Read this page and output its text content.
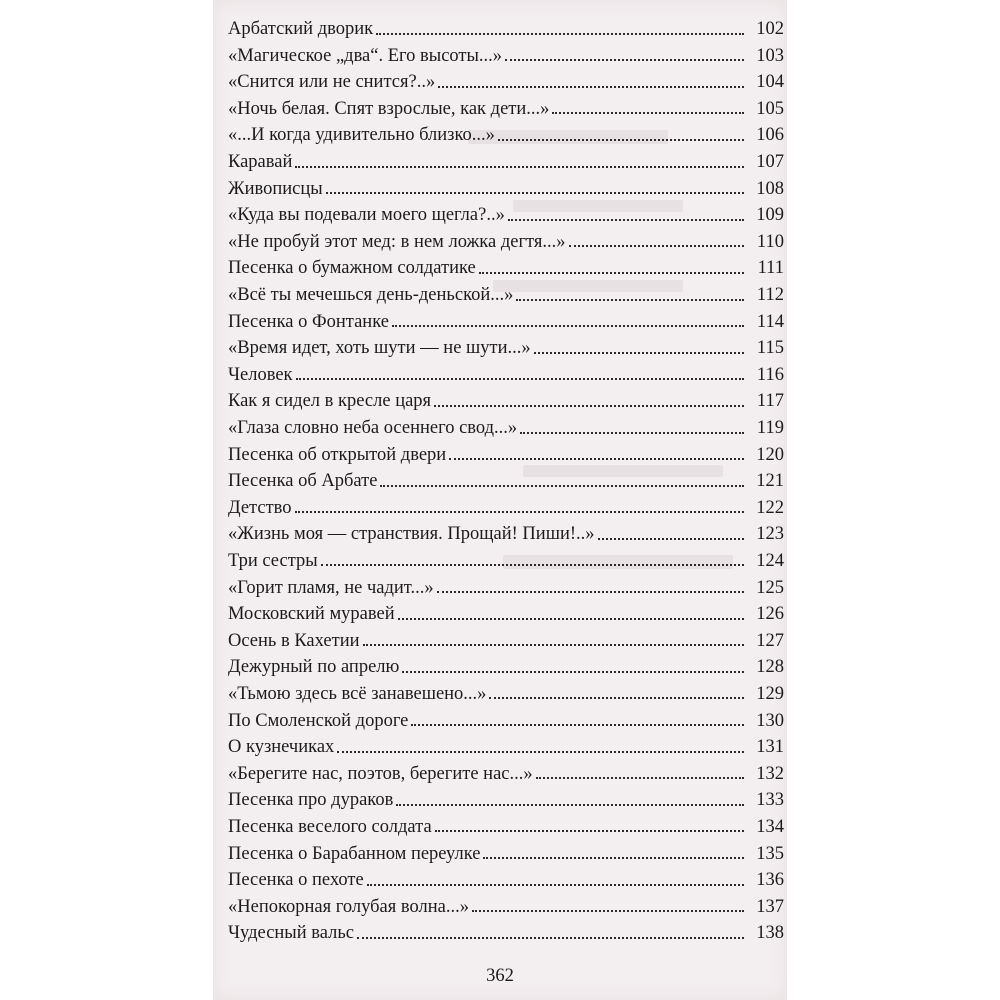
Арбатский дворик	102
«Магическое „два“. Его высоты...»	103
«Снится или не снится?..»	104
«Ночь белая. Спят взрослые, как дети...»	105
«...И когда удивительно близко...»	106
Каравай	107
Живописцы	108
«Куда вы подевали моего щегла?..»	109
«Не пробуй этот мед: в нем ложка дегтя...»	110
Песенка о бумажном солдатике	111
«Всё ты мечешься день-деньской...»	112
Песенка о Фонтанке	114
«Время идет, хоть шути — не шути...»	115
Человек	116
Как я сидел в кресле царя	117
«Глаза словно неба осеннего свод...»	119
Песенка об открытой двери	120
Песенка об Арбате	121
Детство	122
«Жизнь моя — странствия. Прощай! Пиши!..»	123
Три сестры	124
«Горит пламя, не чадит...»	125
Московский муравей	126
Осень в Кахетии	127
Дежурный по апрелю	128
«Тьмою здесь всё занавешено...»	129
По Смоленской дороге	130
О кузнечиках	131
«Берегите нас, поэтов, берегите нас...»	132
Песенка про дураков	133
Песенка веселого солдата	134
Песенка о Барабанном переулке	135
Песенка о пехоте	136
«Непокорная голубая волна...»	137
Чудесный вальс	138
362
